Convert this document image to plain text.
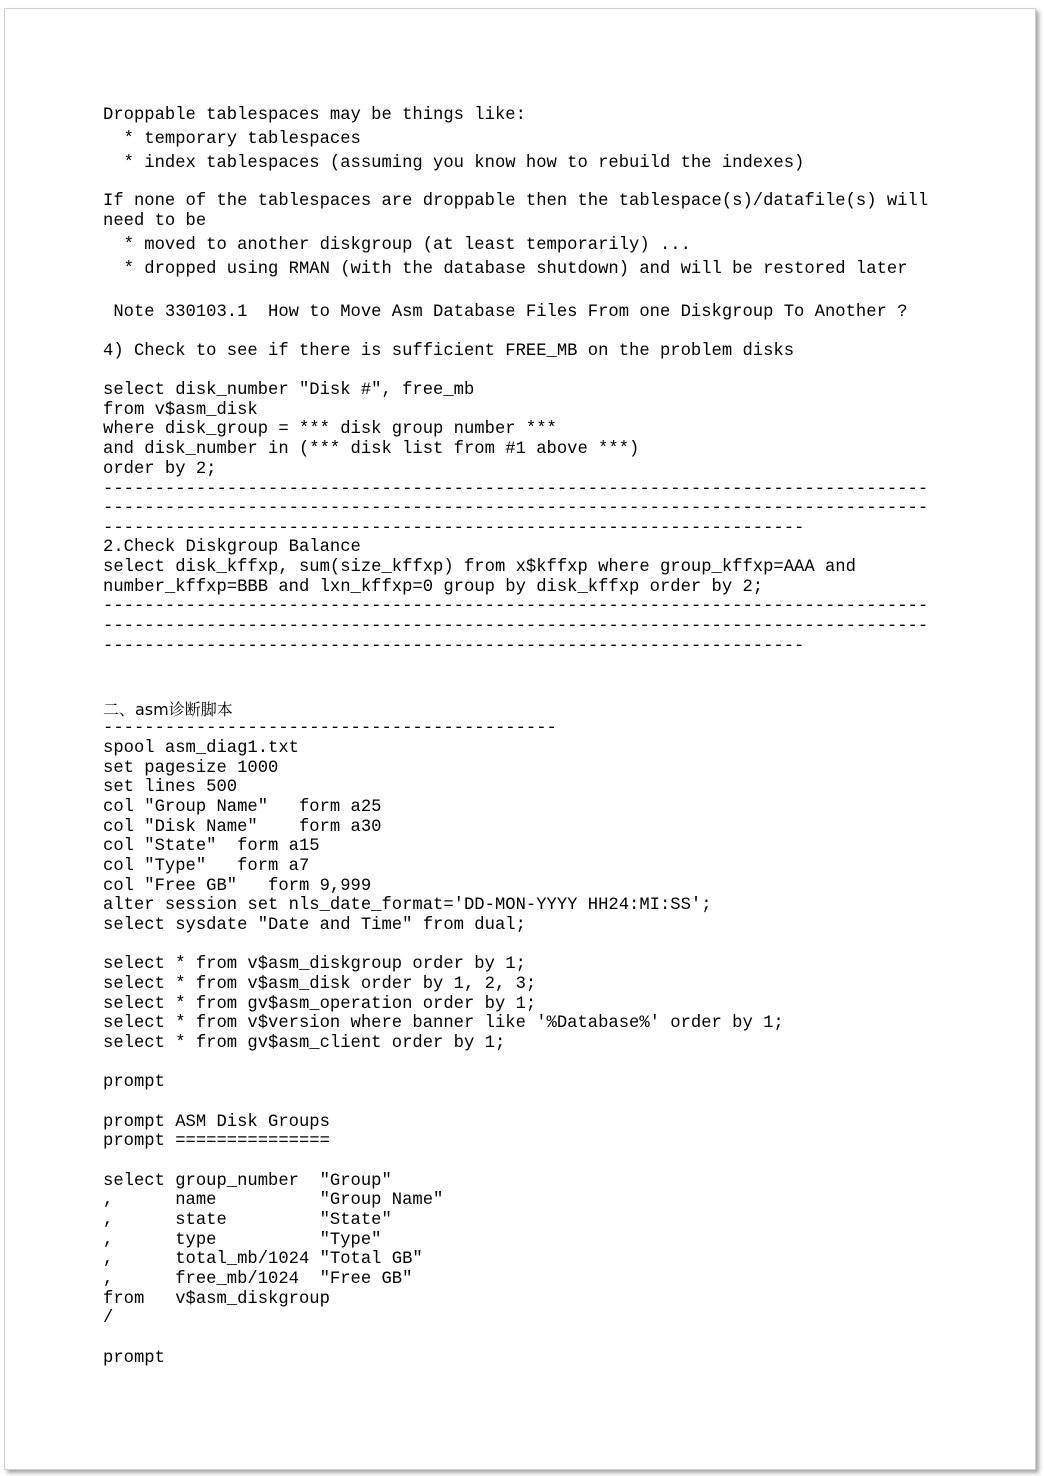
Droppable tablespaces may be things like:
* temporary tablespaces
* index tablespaces (assuming you know how to rebuild the indexes)
If none of the tablespaces are droppable then the tablespace(s)/datafile(s) will
need to be
* moved to another diskgroup (at least temporarily) ...
* dropped using RMAN (with the database shutdown) and will be restored later
Note 330103.1  How to Move Asm Database Files From one Diskgroup To Another ?
4) Check to see if there is sufficient FREE_MB on the problem disks
select disk_number "Disk #", free_mb
from v$asm_disk
where disk_group = *** disk group number ***
and disk_number in (*** disk list from #1 above ***)
order by 2;
--------------------------------------------------------------------------------
--------------------------------------------------------------------------------
--------------------------------------------------------------------
2.Check Diskgroup Balance
select disk_kffxp, sum(size_kffxp) from x$kffxp where group_kffxp=AAA and
number_kffxp=BBB and lxn_kffxp=0 group by disk_kffxp order by 2;
--------------------------------------------------------------------------------
--------------------------------------------------------------------------------
--------------------------------------------------------------------
二、asm诊断脚本
--------------------------------------------
spool asm_diag1.txt
set pagesize 1000
set lines 500
col "Group Name"   form a25
col "Disk Name"    form a30
col "State"  form a15
col "Type"   form a7
col "Free GB"   form 9,999
alter session set nls_date_format='DD-MON-YYYY HH24:MI:SS';
select sysdate "Date and Time" from dual;
select * from v$asm_diskgroup order by 1;
select * from v$asm_disk order by 1, 2, 3;
select * from gv$asm_operation order by 1;
select * from v$version where banner like '%Database%' order by 1;
select * from gv$asm_client order by 1;
prompt
prompt ASM Disk Groups
prompt ===============
select group_number  "Group"
,      name          "Group Name"
,      state         "State"
,      type          "Type"
,      total_mb/1024 "Total GB"
,      free_mb/1024  "Free GB"
from   v$asm_diskgroup
/
prompt
